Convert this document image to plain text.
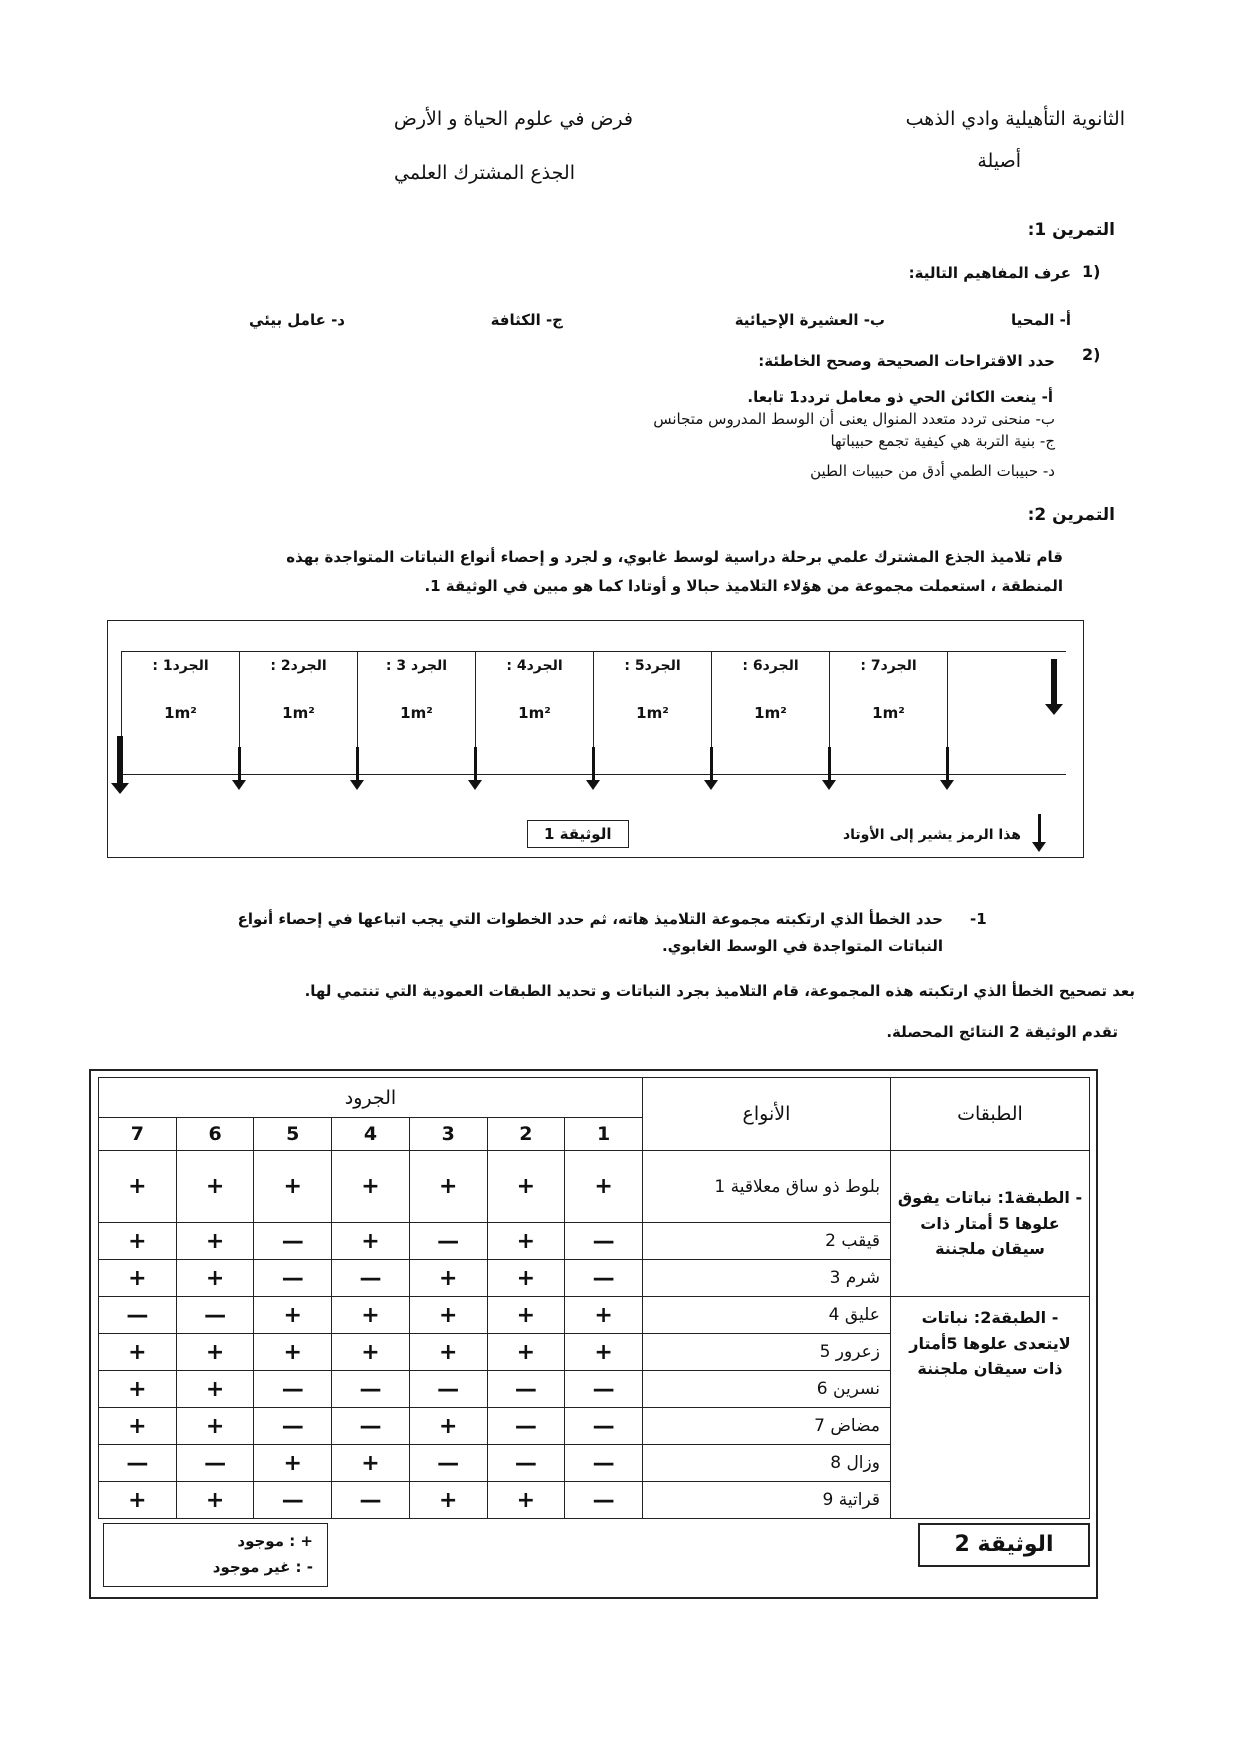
الثانوية التأهيلية وادي الذهب
أصيلة
فرض في علوم الحياة و الأرض
الجذع المشترك العلمي
التمرين 1:
1)
عرف المفاهيم التالية:
أ- المحيا
ب- العشيرة الإحيائية
ج- الكثافة
د- عامل بيئي
2)
حدد الاقتراحات الصحيحة وصحح الخاطئة:
أ- ينعت الكائن الحي ذو معامل تردد1 تابعا.
ب- منحنى تردد متعدد المنوال يعنى أن الوسط المدروس متجانس
ج- بنية التربة هي كيفية تجمع حبيباتها
د- حبيبات الطمي أدق من حبيبات الطين
التمرين 2:
قام تلاميذ الجذع المشترك علمي برحلة دراسية لوسط غابوي، و لجرد و إحصاء أنواع النباتات المتواجدة بهذه
المنطقة ، استعملت مجموعة من هؤلاء التلاميذ حبالا و أوتادا كما هو مبين في الوثيقة 1.
الجرد1 :
1m²
الجرد2 :
1m²
الجرد 3 :
1m²
الجرد4 :
1m²
الجرد5 :
1m²
الجرد6 :
1m²
الجرد7 :
1m²
الوثيقة 1	هذا الرمز يشير إلى الأوتاد
-1
حدد الخطأ الذي ارتكبته مجموعة التلاميذ هاته، ثم حدد الخطوات التي يجب اتباعها في إحصاء أنواع
النباتات المتواجدة في الوسط الغابوي.
بعد تصحيح الخطأ الذي ارتكبته هذه المجموعة، قام التلاميذ بجرد النباتات و تحديد الطبقات العمودية التي تنتمي لها.
تقدم الوثيقة 2 النتائج المحصلة.
الطبقات	الأنواع	الجرود						
		1	2	3	4	5	6	7
- الطبقة1: نباتات يفوق علوها 5 أمتار ذات سيقان ملجننة	بلوط ذو ساق معلاقية 1	+	+	+	+	+	+	+
	قيقب 2	—	+	—	+	—	+	+
	شرم 3	—	+	+	—	—	+	+
- الطبقة2: نباتات لايتعدى علوها 5أمتار ذات سيقان ملجننة	عليق 4	+	+	+	+	+	—	—
	زعرور 5	+	+	+	+	+	+	+
	نسرين 6	—	—	—	—	—	+	+
	مضاض 7	—	—	+	—	—	+	+
	وزال 8	—	—	—	+	+	—	—
	قراتية 9	—	+	+	—	—	+	+
+ : موجود
- : غير موجود
الوثيقة 2
